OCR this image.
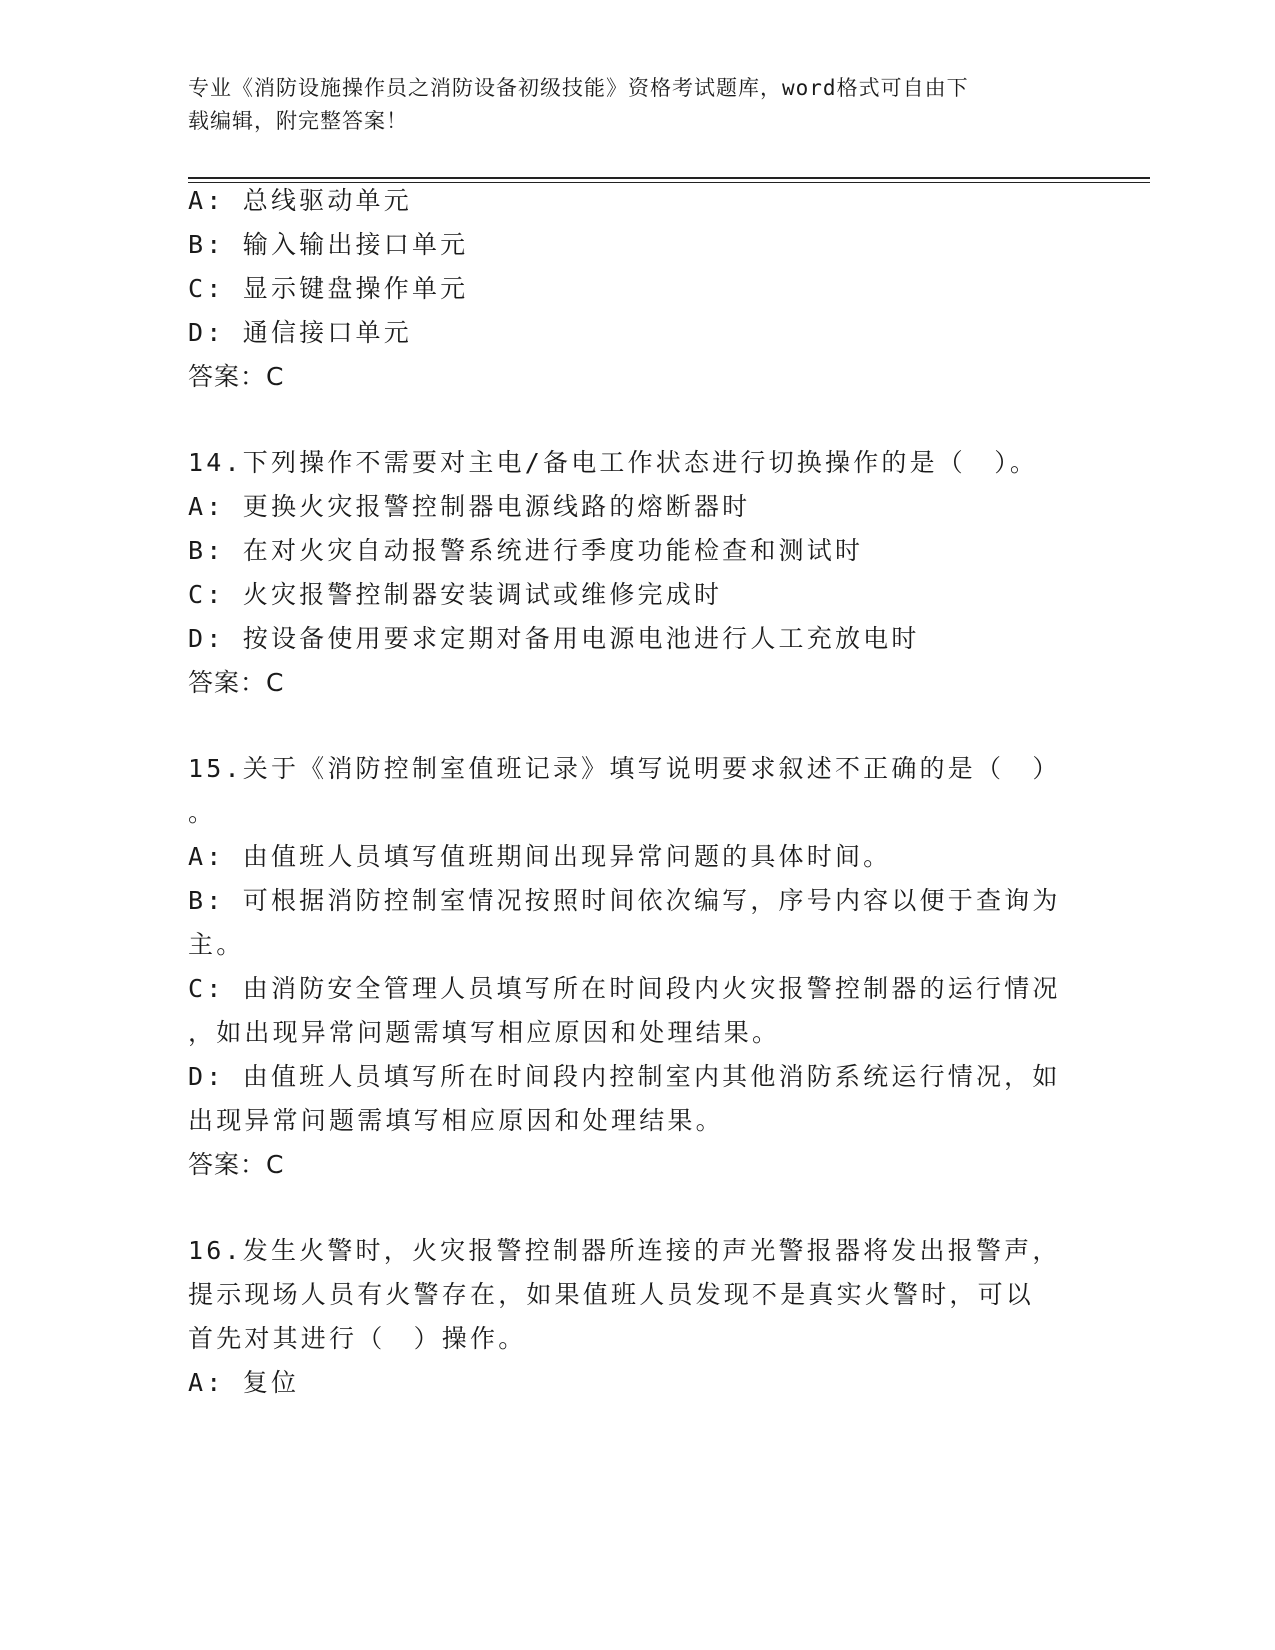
专业《消防设施操作员之消防设备初级技能》资格考试题库，word格式可自由下
载编辑，附完整答案！
A: 总线驱动单元
B: 输入输出接口单元
C: 显示键盘操作单元
D: 通信接口单元
答案：C
14.下列操作不需要对主电/备电工作状态进行切换操作的是（　）。
A: 更换火灾报警控制器电源线路的熔断器时
B: 在对火灾自动报警系统进行季度功能检查和测试时
C: 火灾报警控制器安装调试或维修完成时
D: 按设备使用要求定期对备用电源电池进行人工充放电时
答案：C
15.关于《消防控制室值班记录》填写说明要求叙述不正确的是（　）
。
A: 由值班人员填写值班期间出现异常问题的具体时间。
B: 可根据消防控制室情况按照时间依次编写，序号内容以便于查询为
主。
C: 由消防安全管理人员填写所在时间段内火灾报警控制器的运行情况
，如出现异常问题需填写相应原因和处理结果。
D: 由值班人员填写所在时间段内控制室内其他消防系统运行情况，如
出现异常问题需填写相应原因和处理结果。
答案：C
16.发生火警时，火灾报警控制器所连接的声光警报器将发出报警声，
提示现场人员有火警存在，如果值班人员发现不是真实火警时，可以
首先对其进行（　）操作。
A: 复位
